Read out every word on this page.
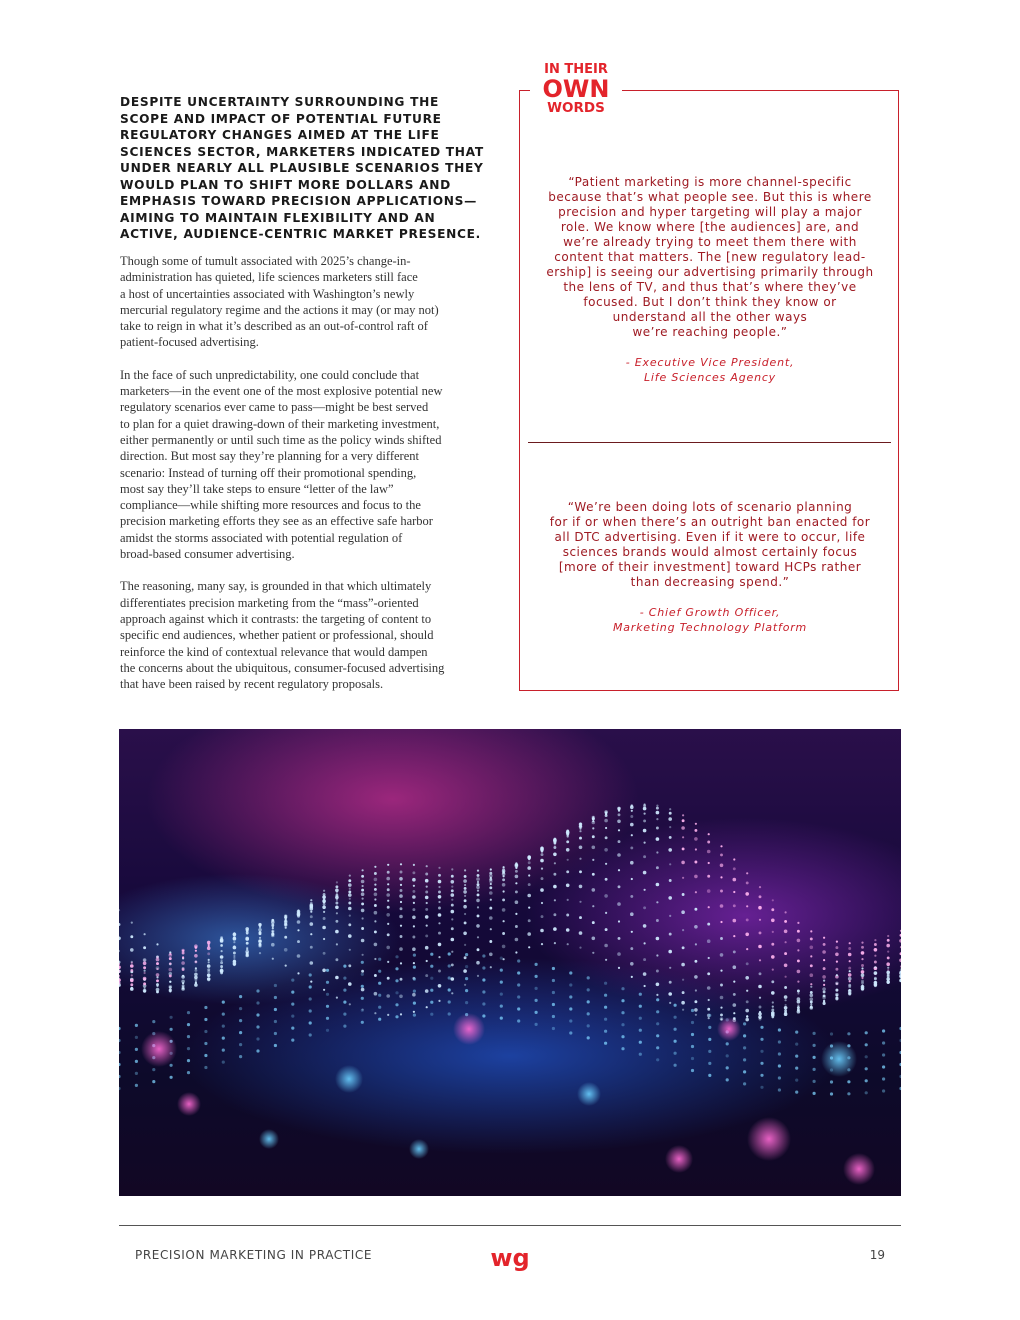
DESPITE UNCERTAINTY SURROUNDING THE SCOPE AND IMPACT OF POTENTIAL FUTURE REGULATORY CHANGES AIMED AT THE LIFE SCIENCES SECTOR, MARKETERS INDICATED THAT UNDER NEARLY ALL PLAUSIBLE SCENARIOS THEY WOULD PLAN TO SHIFT MORE DOLLARS AND EMPHASIS TOWARD PRECISION APPLICATIONS—AIMING TO MAINTAIN FLEXIBILITY AND AN ACTIVE, AUDIENCE-CENTRIC MARKET PRESENCE.

Though some of tumult associated with 2025’s change-in-
administration has quieted, life sciences marketers still face
a host of uncertainties associated with Washington’s newly
mercurial regulatory regime and the actions it may (or may not)
take to reign in what it’s described as an out-of-control raft of
patient-focused advertising.

In the face of such unpredictability, one could conclude that
marketers—in the event one of the most explosive potential new
regulatory scenarios ever came to pass—might be best served
to plan for a quiet drawing-down of their marketing investment,
either permanently or until such time as the policy winds shifted
direction. But most say they’re planning for a very different
scenario: Instead of turning off their promotional spending,
most say they’ll take steps to ensure “letter of the law”
compliance—while shifting more resources and focus to the
precision marketing efforts they see as an effective safe harbor
amidst the storms associated with potential regulation of
broad-based consumer advertising.

The reasoning, many say, is grounded in that which ultimately
differentiates precision marketing from the “mass”-oriented
approach against which it contrasts: the targeting of content to
specific end audiences, whether patient or professional, should
reinforce the kind of contextual relevance that would dampen
the concerns about the ubiquitous, consumer-focused advertising
that have been raised by recent regulatory proposals.

IN THEIR
OWN
WORDS

“Patient marketing is more channel-specific
because that’s what people see. But this is where
precision and hyper targeting will play a major
role. We know where [the audiences] are, and
we’re already trying to meet them there with
content that matters. The [new regulatory lead-
ership] is seeing our advertising primarily through
the lens of TV, and thus that’s where they’ve
focused. But I don’t think they know or
understand all the other ways
we’re reaching people.”

- Executive Vice President,
Life Sciences Agency

“We’re been doing lots of scenario planning
for if or when there’s an outright ban enacted for
all DTC advertising. Even if it were to occur, life
sciences brands would almost certainly focus
[more of their investment] toward HCPs rather
than decreasing spend.”

- Chief Growth Officer,
Marketing Technology Platform

PRECISION MARKETING IN PRACTICE	wg	19
